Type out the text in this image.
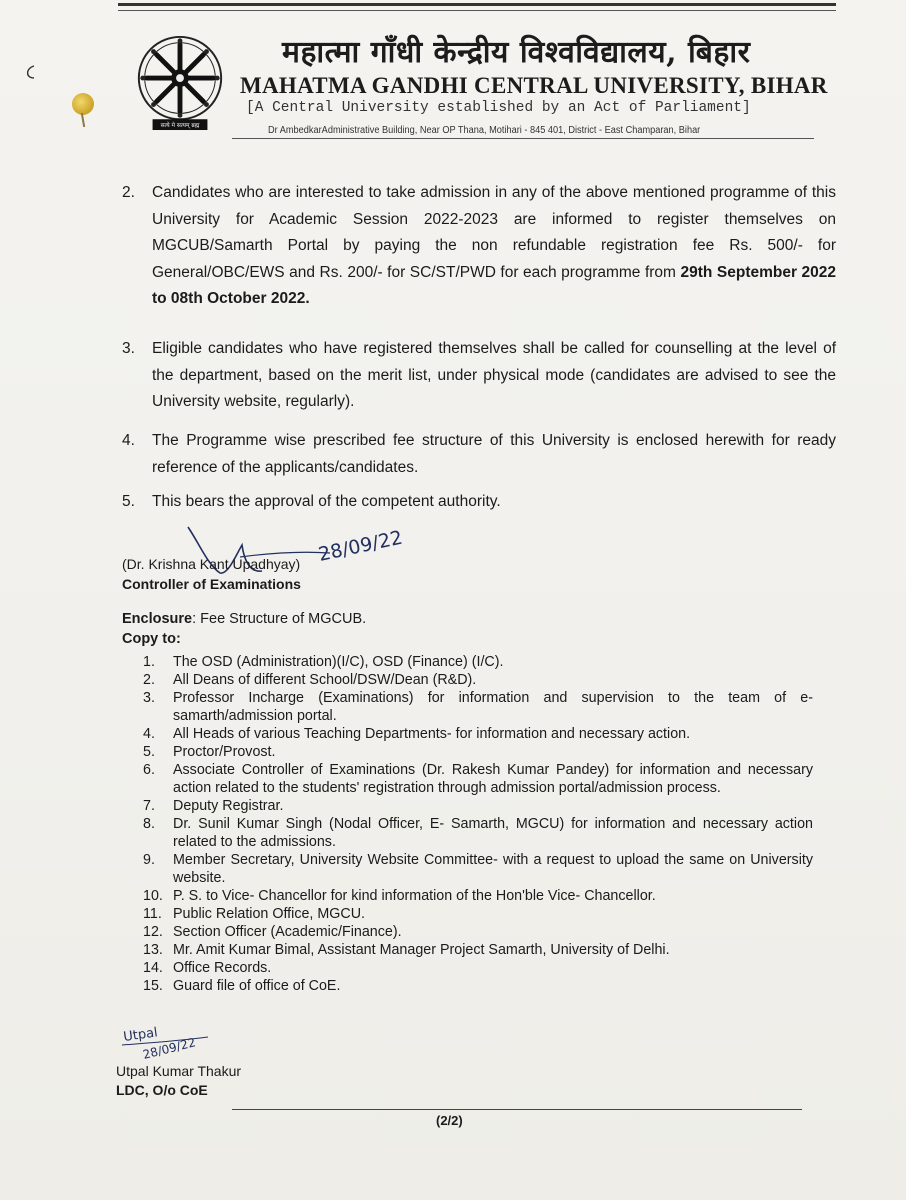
सत्ये मे सत्यम् ब्रह्म
महात्मा गाँधी केन्द्रीय विश्वविद्यालय, बिहार
MAHATMA GANDHI CENTRAL UNIVERSITY, BIHAR
[A Central University established by an Act of Parliament]
Dr AmbedkarAdministrative Building, Near OP Thana, Motihari - 845 401, District - East Champaran, Bihar
2. Candidates who are interested to take admission in any of the above mentioned programme of this University for Academic Session 2022-2023 are informed to register themselves on MGCUB/Samarth Portal by paying the non refundable registration fee Rs. 500/- for General/OBC/EWS and Rs. 200/- for SC/ST/PWD for each programme from 29th September 2022 to 08th October 2022.
3. Eligible candidates who have registered themselves shall be called for counselling at the level of the department, based on the merit list, under physical mode (candidates are advised to see the University website, regularly).
4. The Programme wise prescribed fee structure of this University is enclosed herewith for ready reference of the applicants/candidates.
5. This bears the approval of the competent authority.
28/09/22
(Dr. Krishna Kant Upadhyay)
Controller of Examinations
Enclosure: Fee Structure of MGCUB.
Copy to:
1. The OSD (Administration)(I/C), OSD (Finance) (I/C).
2. All Deans of different School/DSW/Dean (R&D).
3. Professor Incharge (Examinations) for information and supervision to the team of e-samarth/admission portal.
4. All Heads of various Teaching Departments- for information and necessary action.
5. Proctor/Provost.
6. Associate Controller of Examinations (Dr. Rakesh Kumar Pandey) for information and necessary action related to the students' registration through admission portal/admission process.
7. Deputy Registrar.
8. Dr. Sunil Kumar Singh (Nodal Officer, E- Samarth, MGCU) for information and necessary action related to the admissions.
9. Member Secretary, University Website Committee- with a request to upload the same on University website.
10. P. S. to Vice- Chancellor for kind information of the Hon'ble Vice- Chancellor.
11. Public Relation Office, MGCU.
12. Section Officer (Academic/Finance).
13. Mr. Amit Kumar Bimal, Assistant Manager Project Samarth, University of Delhi.
14. Office Records.
15. Guard file of office of CoE.
Utpal
28/09/22
Utpal Kumar Thakur
LDC, O/o CoE
(2/2)
